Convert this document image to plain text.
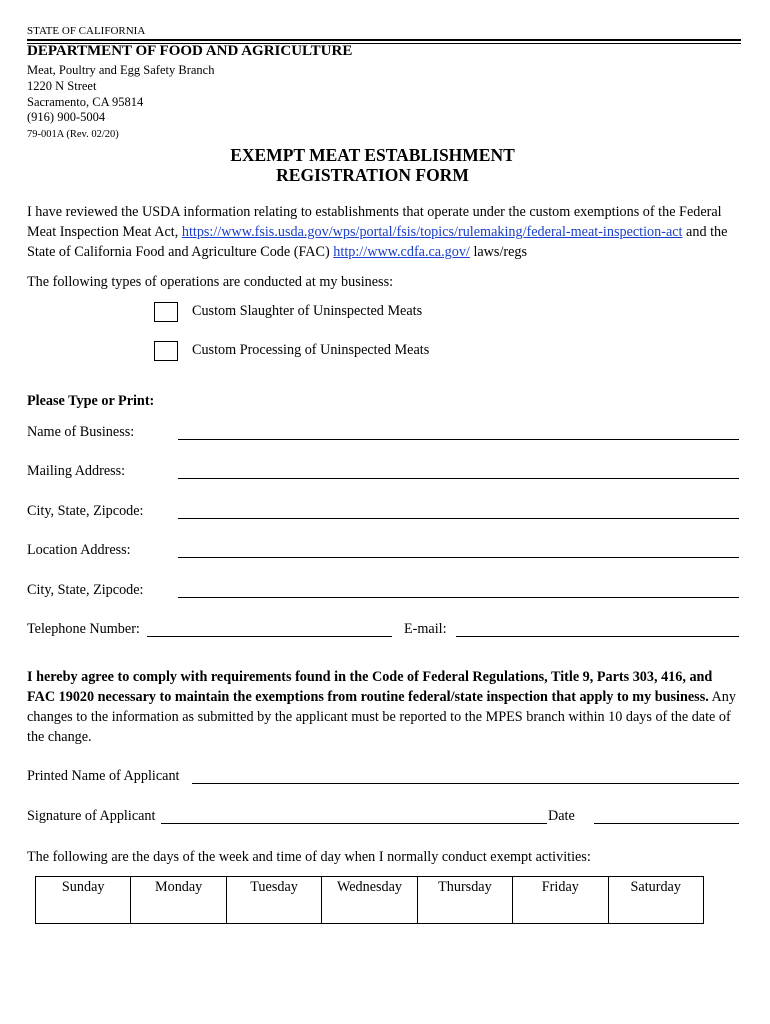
STATE OF CALIFORNIA
DEPARTMENT OF FOOD AND AGRICULTURE
Meat, Poultry and Egg Safety Branch
1220 N Street
Sacramento, CA 95814
(916) 900-5004
79-001A (Rev. 02/20)
EXEMPT MEAT ESTABLISHMENT
REGISTRATION FORM
I have reviewed the USDA information relating to establishments that operate under the custom exemptions of the Federal Meat Inspection Meat Act, https://www.fsis.usda.gov/wps/portal/fsis/topics/rulemaking/federal-meat-inspection-act and the State of California Food and Agriculture Code (FAC) http://www.cdfa.ca.gov/ laws/regs
The following types of operations are conducted at my business:
Custom Slaughter of Uninspected Meats
Custom Processing of Uninspected Meats
Please Type or Print:
Name of Business:
Mailing Address:
City, State, Zipcode:
Location Address:
City, State, Zipcode:
Telephone Number:	E-mail:
I hereby agree to comply with requirements found in the Code of Federal Regulations, Title 9, Parts 303, 416, and FAC 19020 necessary to maintain the exemptions from routine federal/state inspection that apply to my business. Any changes to the information as submitted by the applicant must be reported to the MPES branch within 10 days of the date of the change.
Printed Name of Applicant
Signature of Applicant	Date
The following are the days of the week and time of day when I normally conduct exempt activities:
Sunday	Monday	Tuesday	Wednesday	Thursday	Friday	Saturday
